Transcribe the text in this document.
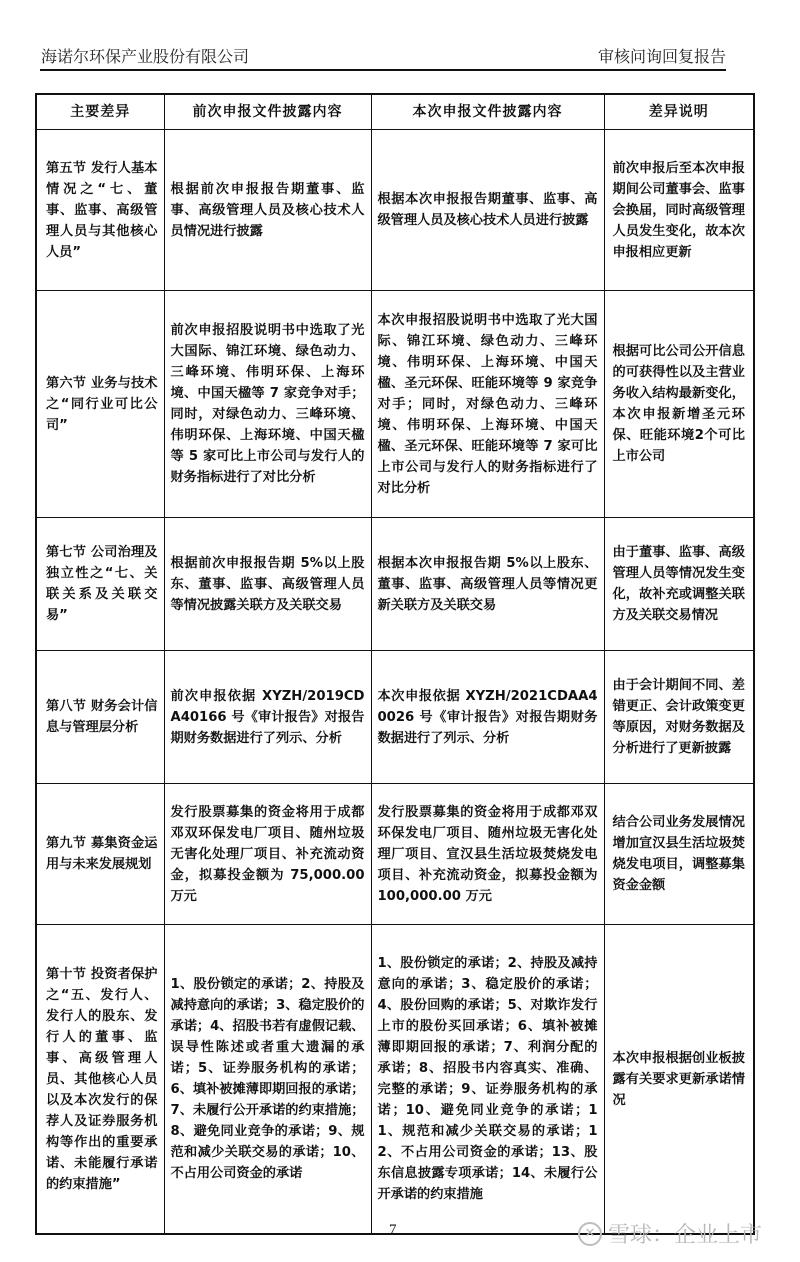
海诺尔环保产业股份有限公司	审核问询回复报告
主要差异	前次申报文件披露内容	本次申报文件披露内容	差异说明
第五节 发行人基本情况之“七、董事、监事、高级管理人员与其他核心人员”	根据前次申报报告期董事、监事、高级管理人员及核心技术人员情况进行披露	根据本次申报报告期董事、监事、高级管理人员及核心技术人员进行披露	前次申报后至本次申报期间公司董事会、监事会换届，同时高级管理人员发生变化，故本次申报相应更新
第六节 业务与技术之“同行业可比公司”	前次申报招股说明书中选取了光大国际、锦江环境、绿色动力、三峰环境、伟明环保、上海环境、中国天楹等 7 家竞争对手；同时，对绿色动力、三峰环境、伟明环保、上海环境、中国天楹等 5 家可比上市公司与发行人的财务指标进行了对比分析	本次申报招股说明书中选取了光大国际、锦江环境、绿色动力、三峰环境、伟明环保、上海环境、中国天楹、圣元环保、旺能环境等 9 家竞争对手；同时，对绿色动力、三峰环境、伟明环保、上海环境、中国天楹、圣元环保、旺能环境等 7 家可比上市公司与发行人的财务指标进行了对比分析	根据可比公司公开信息的可获得性以及主营业务收入结构最新变化，本次申报新增圣元环保、旺能环境2个可比上市公司
第七节 公司治理及独立性之“七、关联关系及关联交易”	根据前次申报报告期 5%以上股东、董事、监事、高级管理人员等情况披露关联方及关联交易	根据本次申报报告期 5%以上股东、董事、监事、高级管理人员等情况更新关联方及关联交易	由于董事、监事、高级管理人员等情况发生变化，故补充或调整关联方及关联交易情况
第八节 财务会计信息与管理层分析	前次申报依据 XYZH/2019CDA40166 号《审计报告》对报告期财务数据进行了列示、分析	本次申报依据 XYZH/2021CDAA40026 号《审计报告》对报告期财务数据进行了列示、分析	由于会计期间不同、差错更正、会计政策变更等原因，对财务数据及分析进行了更新披露
第九节 募集资金运用与未来发展规划	发行股票募集的资金将用于成都邓双环保发电厂项目、随州垃圾无害化处理厂项目、补充流动资金，拟募投金额为 75,000.00 万元	发行股票募集的资金将用于成都邓双环保发电厂项目、随州垃圾无害化处理厂项目、宣汉县生活垃圾焚烧发电项目、补充流动资金，拟募投金额为 100,000.00 万元	结合公司业务发展情况增加宣汉县生活垃圾焚烧发电项目，调整募集资金金额
第十节 投资者保护之“五、发行人、发行人的股东、发行人的董事、监事、高级管理人员、其他核心人员以及本次发行的保荐人及证券服务机构等作出的重要承诺、未能履行承诺的约束措施”	1、股份锁定的承诺；2、持股及减持意向的承诺；3、稳定股价的承诺；4、招股书若有虚假记载、误导性陈述或者重大遗漏的承诺；5、证券服务机构的承诺；6、填补被摊薄即期回报的承诺；7、未履行公开承诺的约束措施；8、避免同业竞争的承诺；9、规范和减少关联交易的承诺；10、不占用公司资金的承诺	1、股份锁定的承诺；2、持股及减持意向的承诺；3、稳定股价的承诺；4、股份回购的承诺；5、对欺诈发行上市的股份买回承诺；6、填补被摊薄即期回报的承诺；7、利润分配的承诺；8、招股书内容真实、准确、完整的承诺；9、证券服务机构的承诺；10、避免同业竞争的承诺；11、规范和减少关联交易的承诺；12、不占用公司资金的承诺；13、股东信息披露专项承诺；14、未履行公开承诺的约束措施	本次申报根据创业板披露有关要求更新承诺情况
7	✕ 雪球：企业上市
